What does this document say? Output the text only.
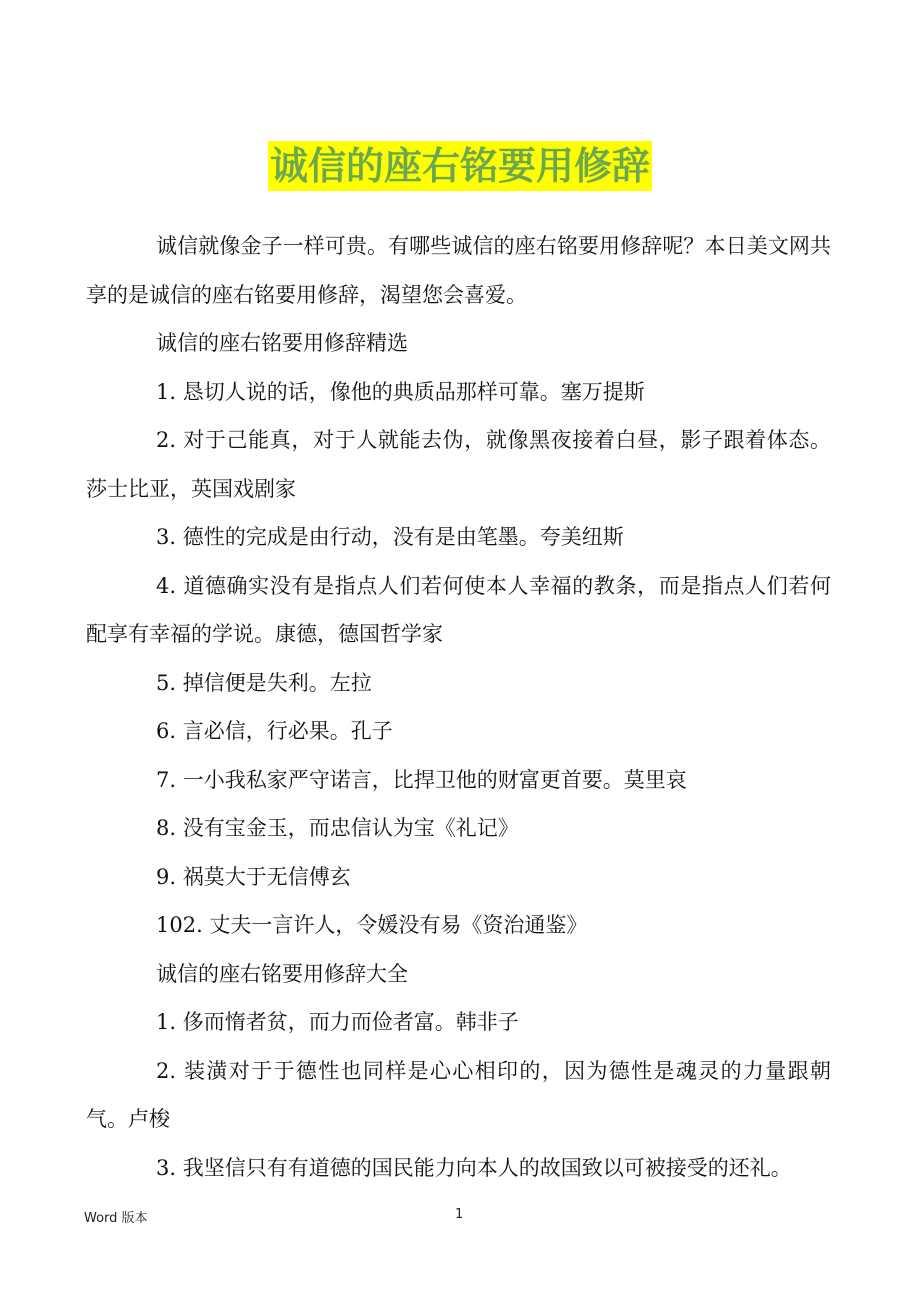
诚信的座右铭要用修辞

诚信就像金子一样可贵。有哪些诚信的座右铭要用修辞呢？本日美文网共享的是诚信的座右铭要用修辞，渴望您会喜爱。

诚信的座右铭要用修辞精选

1. 恳切人说的话，像他的典质品那样可靠。塞万提斯

2. 对于己能真，对于人就能去伪，就像黑夜接着白昼，影子跟着体态。莎士比亚，英国戏剧家

3. 德性的完成是由行动，没有是由笔墨。夸美纽斯

4. 道德确实没有是指点人们若何使本人幸福的教条，而是指点人们若何配享有幸福的学说。康德，德国哲学家

5. 掉信便是失利。左拉

6. 言必信，行必果。孔子

7. 一小我私家严守诺言，比捍卫他的财富更首要。莫里哀

8. 没有宝金玉，而忠信认为宝《礼记》

9. 祸莫大于无信傅玄

102. 丈夫一言许人，令媛没有易《资治通鉴》

诚信的座右铭要用修辞大全

1. 侈而惰者贫，而力而俭者富。韩非子

2. 装潢对于于德性也同样是心心相印的，因为德性是魂灵的力量跟朝气。卢梭

3. 我坚信只有有道德的国民能力向本人的故国致以可被接受的还礼。

Word 版本	1
